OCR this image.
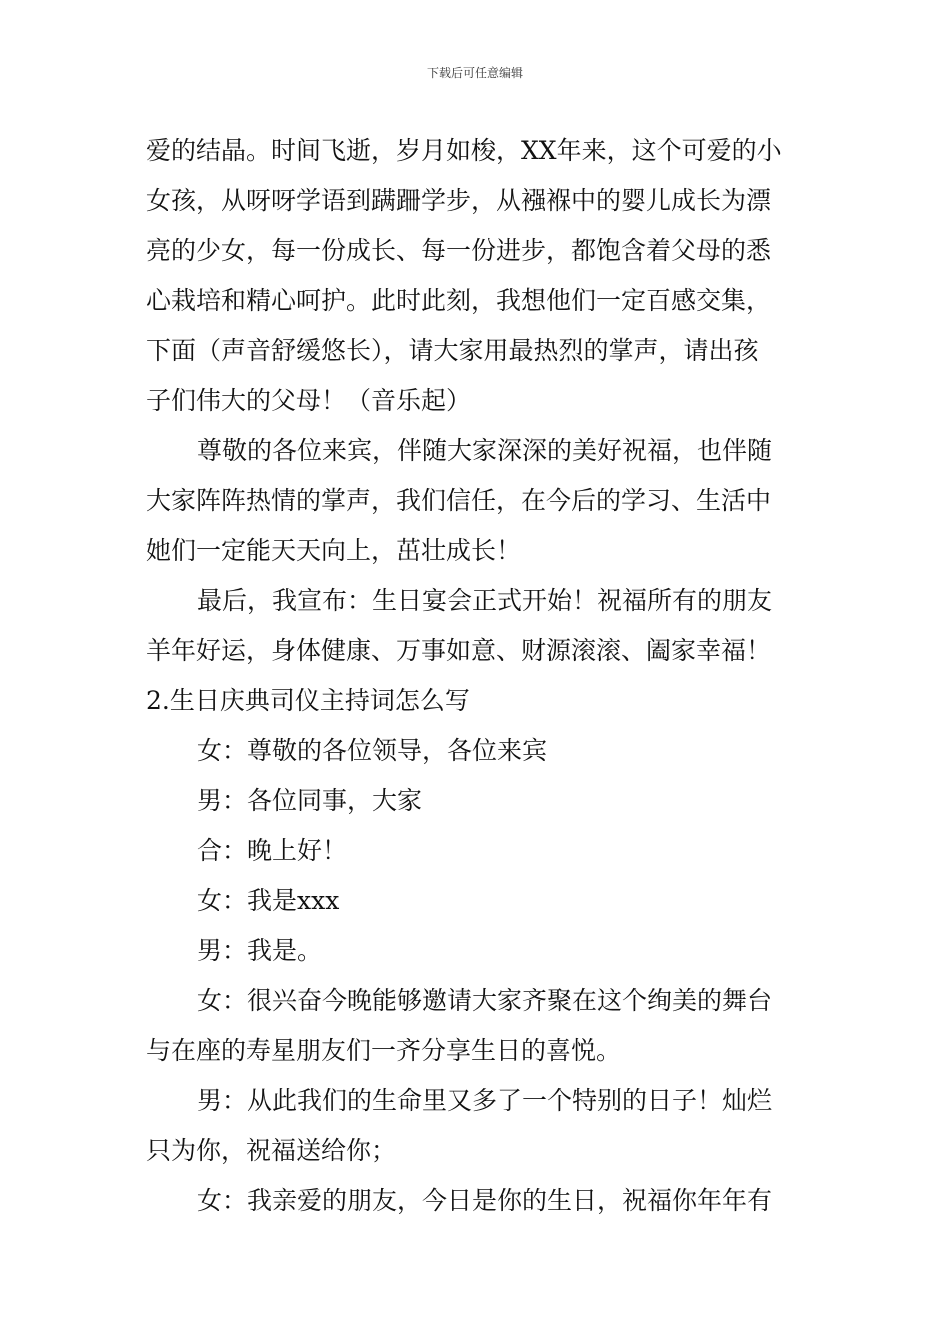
下载后可任意编辑
爱的结晶。时间飞逝，岁月如梭，XX年来，这个可爱的小
女孩，从呀呀学语到蹒跚学步，从襁褓中的婴儿成长为漂
亮的少女，每一份成长、每一份进步，都饱含着父母的悉
心栽培和精心呵护。此时此刻，我想他们一定百感交集，
下面（声音舒缓悠长），请大家用最热烈的掌声，请出孩
子们伟大的父母！（音乐起）
尊敬的各位来宾，伴随大家深深的美好祝福，也伴随
大家阵阵热情的掌声，我们信任，在今后的学习、生活中
她们一定能天天向上，茁壮成长！
最后，我宣布：生日宴会正式开始！祝福所有的朋友
羊年好运，身体健康、万事如意、财源滚滚、阖家幸福！
2.生日庆典司仪主持词怎么写
女：尊敬的各位领导，各位来宾
男：各位同事，大家
合：晚上好！
女：我是xxx
男：我是。
女：很兴奋今晚能够邀请大家齐聚在这个绚美的舞台
与在座的寿星朋友们一齐分享生日的喜悦。
男：从此我们的生命里又多了一个特别的日子！灿烂
只为你，祝福送给你；
女：我亲爱的朋友，今日是你的生日，祝福你年年有
